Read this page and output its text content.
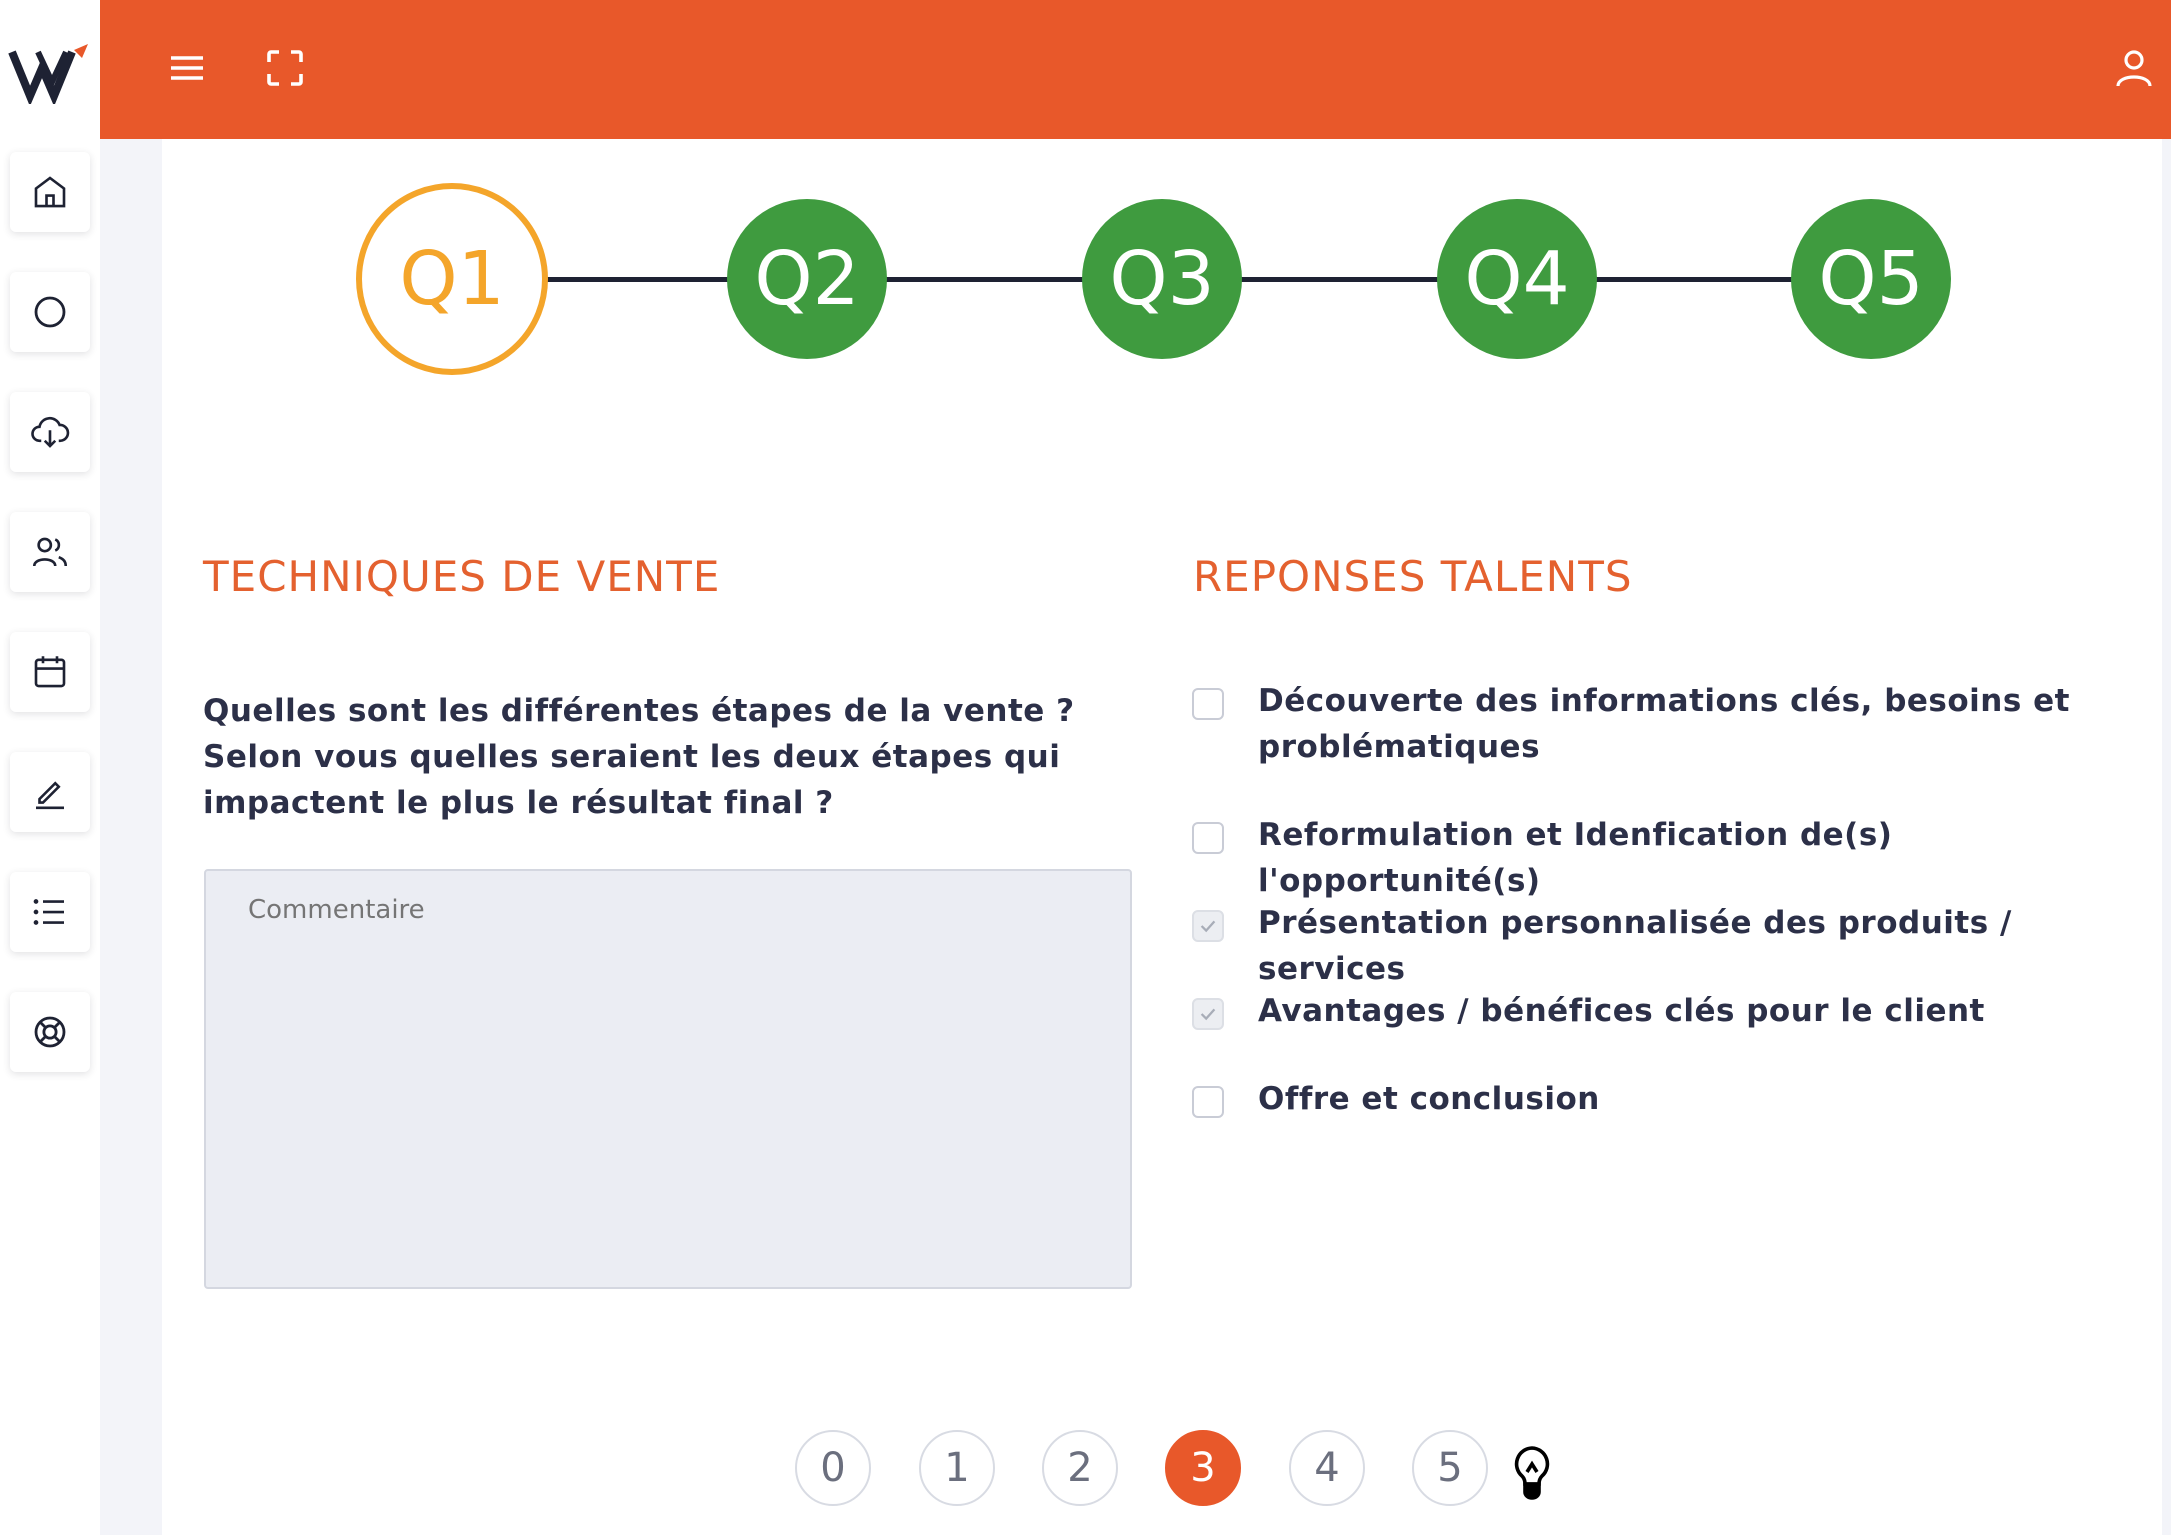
Q1	Q2	Q3	Q4	Q5
TECHNIQUES DE VENTE
Quelles sont les différentes étapes de la vente ? Selon vous quelles seraient les deux étapes qui impactent le plus le résultat final ?
Commentaire
REPONSES TALENTS
Découverte des informations clés, besoins et problématiques
Reformulation et Idenfication de(s) l'opportunité(s)
Présentation personnalisée des produits / services
Avantages / bénéfices clés pour le client
Offre et conclusion
0	1	2	3	4	5
